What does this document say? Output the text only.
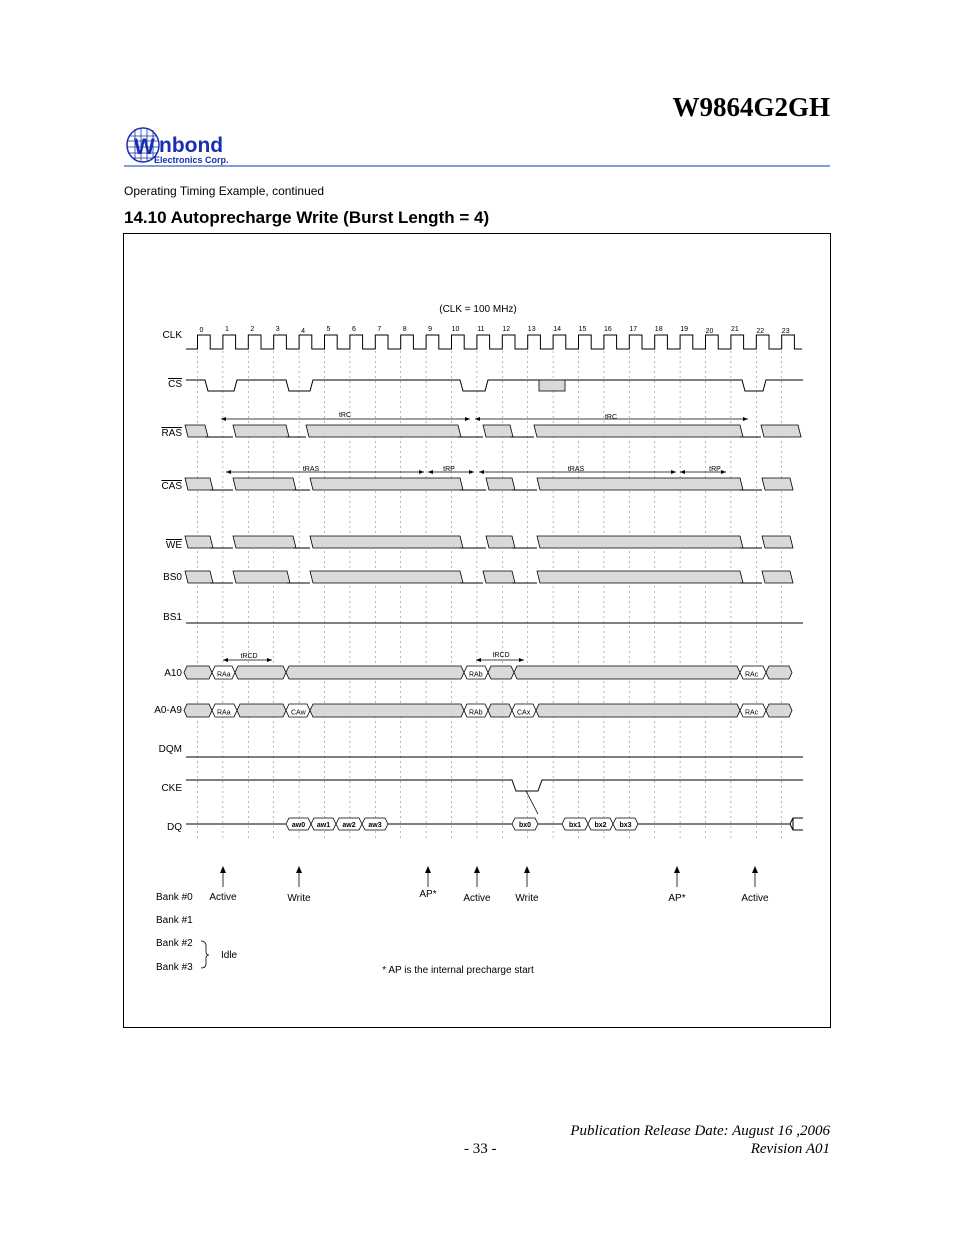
W9864G2GH
W nbond
Electronics Corp.
Operating Timing Example, continued
14.10 Autoprecharge Write (Burst Length = 4)
(CLK = 100 MHz)
0	1	2	3	4	5	6	7	8	9	10	11	12	13	14	15	16	17	18	19	20	21	22	23
CLK
CS
RAS
CAS
WE
BS0
BS1
A10
A0-A9
DQM
CKE
DQ
RAa	RAb	RAc
RAa	CAw	RAb	CAx	RAc
aw0 aw1 aw2 aw3	bx0	bx1 bx2 bx3
tRC	tRC
tRAS	tRP	tRAS	tRP
tRCD	tRCD
Active	Write	AP*	Active Write	AP*	Active
Bank #0
Bank #1
Bank #2
Bank #3
Idle
* AP is the internal precharge start
Publication Release Date: August 16 ,2006
- 33 -	Revision A01
